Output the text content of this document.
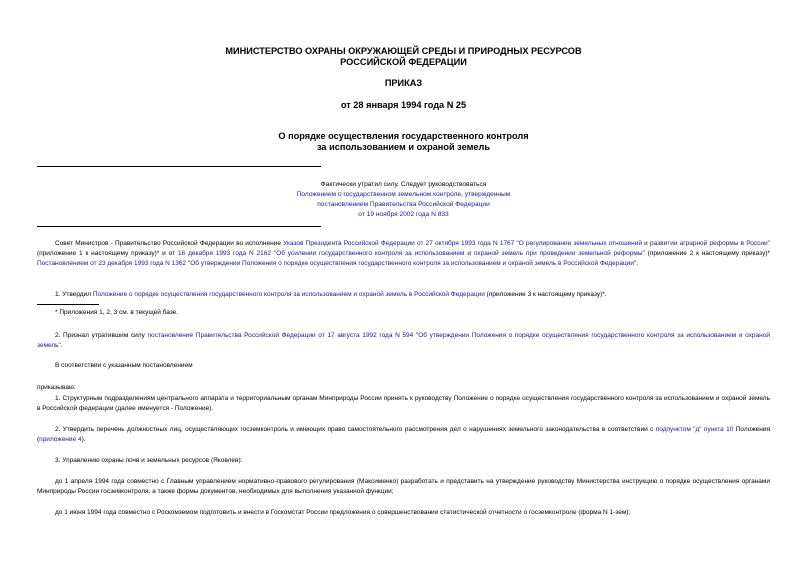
МИНИСТЕРСТВО ОХРАНЫ ОКРУЖАЮЩЕЙ СРЕДЫ И ПРИРОДНЫХ РЕСУРСОВ
РОССИЙСКОЙ ФЕДЕРАЦИИ
ПРИКАЗ
от 28 января 1994 года N 25
О порядке осуществления государственного контроля
за использованием и охраной земель
Фактически утратил силу. Следует руководствоваться
Положением о государственном земельном контроле, утвержденным
постановлением Правительства Российской Федерации
от 19 ноября 2002 года N 833
Совет Министров - Правительство Российской Федерации во исполнение Указов Президента Российской Федерации от 27 октября 1993 года N 1767 "О регулировании земельных отношений и развитии аграрной реформы в России" (приложение 1 к настоящему приказу)* и от 16 декабря 1993 года N 2162 "Об усилении государственного контроля за использованием и охраной земель при проведении земельной реформы" (приложение 2 к настоящему приказу)* Постановлением от 23 декабря 1993 года N 1362 "Об утверждении Положения о порядке осуществления государственного контроля за использованием и охраной земель в Российской Федерации":
1. Утвердил Положение о порядке осуществления государственного контроля за использованием и охраной земель в Российской Федерации (приложение 3 к настоящему приказу)*.
* Приложения 1, 2, 3 см. в текущей базе.
2. Признал утратившим силу постановление Правительства Российской Федерации от 17 августа 1992 года N 594 "Об утверждении Положения о порядке осуществления государственного контроля за использованием и охраной земель".
В соответствии с указанным постановлением
приказываю:
1. Структурным подразделениям центрального аппарата и территориальным органам Минприроды России принять к руководству Положение о порядке осуществления государственного контроля за использованием и охраной земель в Российской федерации (далее именуется - Положение).
2. Утвердить перечень должностных лиц, осуществляющих госземконтроль и имеющих право самостоятельного рассмотрения дел о нарушениях земельного законодательства в соответствии с подпунктом "д" пункта 10 Положения (приложение 4).
3. Управлению охраны почв и земельных ресурсов (Яковлев):
до 1 апреля 1994 года совместно с Главным управлением нормативно-правового регулирования (Максименко) разработать и представить на утверждение руководству Министерства инструкцию о порядке осуществления органами Минприроды России госземконтроля, а также формы документов, необходимых для выполнения указанной функции;
до 1 июня 1994 года совместно с Роскомземом подготовить и внести в Госкомстат России предложения о совершенствовании статистической отчетности о госземконтроле (форма N 1-зем);
